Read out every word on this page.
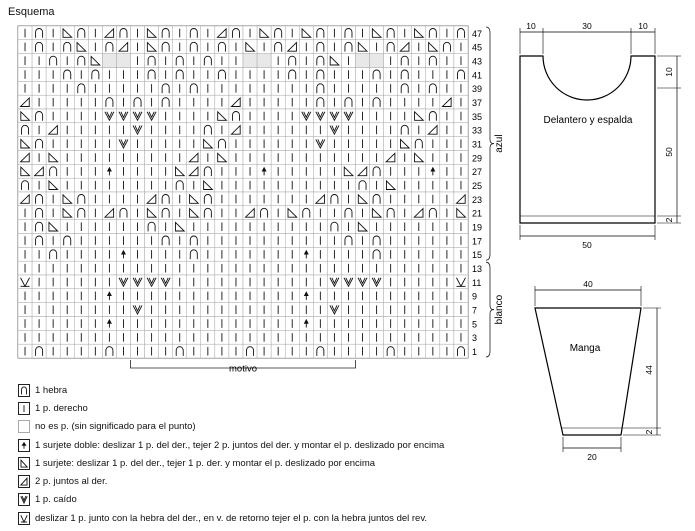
Esquema
47
45
43
41
39
37
35
33
31
29
27
25
23
21
19
17
15
13
11
9
7
5
3
1
azul
blanco
motivo
1 hebra
1 p. derecho
no es p. (sin significado para el punto)
1 surjete doble: deslizar 1 p. del der., tejer 2 p. juntos del der. y montar el p. deslizado por encima
1 surjete: deslizar 1 p. del der., tejer 1 p. der. y montar el p. deslizado por encima
2 p. juntos al der.
1 p. caído
deslizar 1 p. junto con la hebra del der., en v. de retorno tejer el p. con la hebra juntos del rev.
Delantero y espalda
10	30	10
10
50
2
50
Manga
40
44
2
20
